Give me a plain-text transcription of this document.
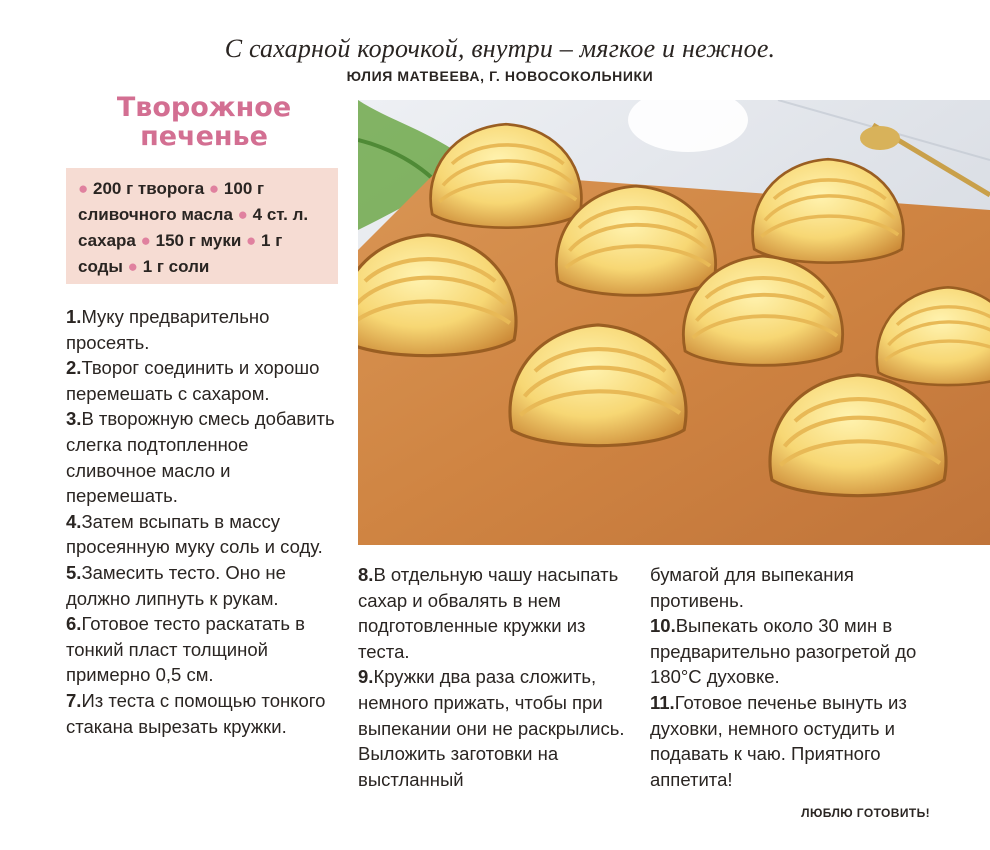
С сахарной корочкой, внутри – мягкое и нежное.
ЮЛИЯ МАТВЕЕВА, Г. НОВОСОКОЛЬНИКИ
Творожное
печенье
● 200 г творога ● 100 г сливочного масла ● 4 ст. л. сахара ● 150 г муки ● 1 г соды ● 1 г соли

1.Муку предварительно просеять.

2.Творог соединить и хорошо перемешать с сахаром.

3.В творожную смесь добавить слегка подтопленное сливочное масло и перемешать.

4.Затем всыпать в массу просеянную муку соль и соду.

5.Замесить тесто. Оно не должно липнуть к рукам.

6.Готовое тесто раскатать в тонкий пласт толщиной примерно 0,5 см.

7.Из теста с помощью тонкого стакана вырезать кружки.

8.В отдельную чашу насыпать сахар и обвалять в нем подготовленные кружки из теста.

9.Кружки два раза сложить, немного прижать, чтобы при выпекании они не раскрылись. Выложить заготовки на выстланный

бумагой для выпекания противень.

10.Выпекать около 30 мин в предварительно разогретой до 180°С духовке.

11.Готовое печенье вынуть из духовки, немного остудить и подавать к чаю. Приятного аппетита!

ЛЮБЛЮ ГОТОВИТЬ!
